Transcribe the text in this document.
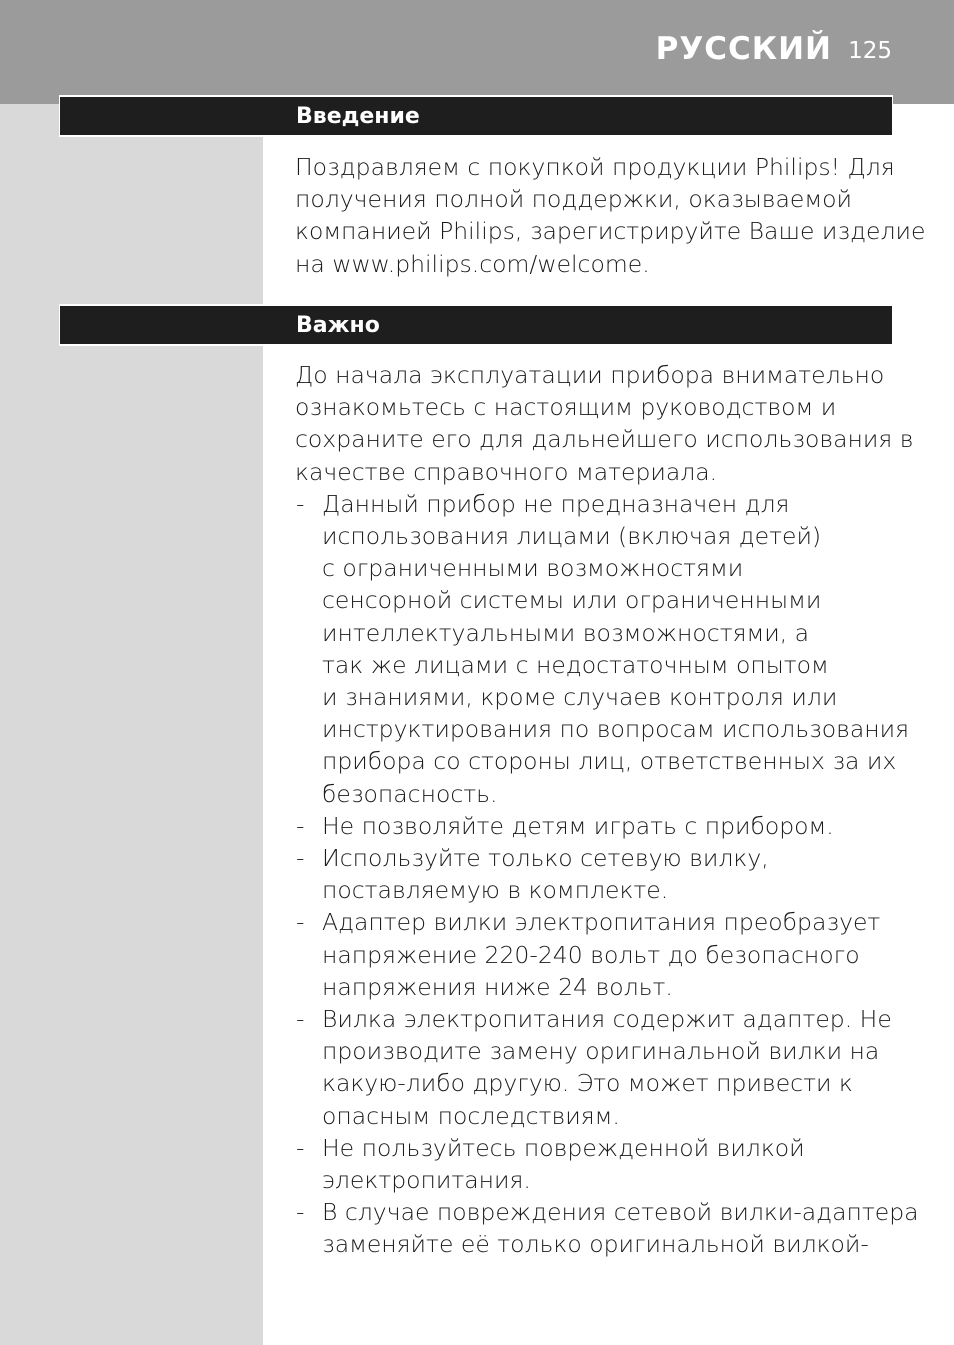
РУССКИЙ 125
Введение
Поздравляем с покупкой продукции Philips! Для
получения полной поддержки, оказываемой
компанией Philips, зарегистрируйте Ваше изделие
на www.philips.com/welcome.
Важно
До начала эксплуатации прибора внимательно
ознакомьтесь с настоящим руководством и
сохраните его для дальнейшего использования в
качестве справочного материала.
- Данный прибор не предназначен для
использования лицами (включая детей)
с ограниченными возможностями
сенсорной системы или ограниченными
интеллектуальными возможностями, а
так же лицами с недостаточным опытом
и знаниями, кроме случаев контроля или
инструктирования по вопросам использования
прибора со стороны лиц, ответственных за их
безопасность.
- Не позволяйте детям играть с прибором.
- Используйте только сетевую вилку,
поставляемую в комплекте.
- Адаптер вилки электропитания преобразует
напряжение 220-240 вольт до безопасного
напряжения ниже 24 вольт.
- Вилка электропитания содержит адаптер. Не
производите замену оригинальной вилки на
какую-либо другую. Это может привести к
опасным последствиям.
- Не пользуйтесь поврежденной вилкой
электропитания.
- В случае повреждения сетевой вилки-адаптера
заменяйте её только оригинальной вилкой-
